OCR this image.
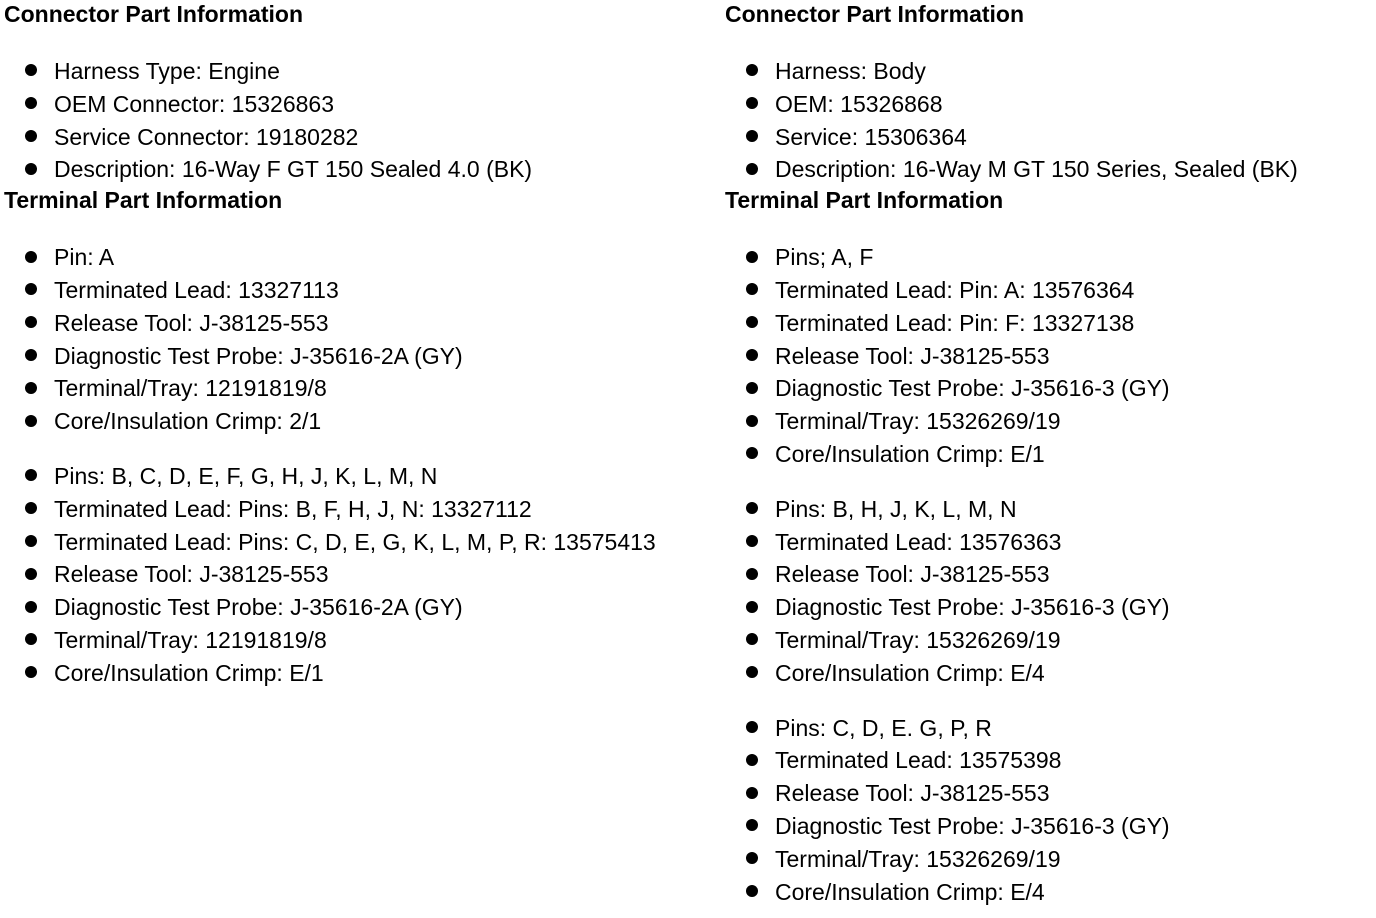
Connector Part Information
Harness Type: Engine
OEM Connector: 15326863
Service Connector: 19180282
Description: 16-Way F GT 150 Sealed 4.0 (BK)
Terminal Part Information
Pin: A
Terminated Lead: 13327113
Release Tool: J-38125-553
Diagnostic Test Probe: J-35616-2A (GY)
Terminal/Tray: 12191819/8
Core/Insulation Crimp: 2/1
Pins: B, C, D, E, F, G, H, J, K, L, M, N
Terminated Lead: Pins: B, F, H, J, N: 13327112
Terminated Lead: Pins: C, D, E, G, K, L, M, P, R: 13575413
Release Tool: J-38125-553
Diagnostic Test Probe: J-35616-2A (GY)
Terminal/Tray: 12191819/8
Core/Insulation Crimp: E/1
Connector Part Information
Harness: Body
OEM: 15326868
Service: 15306364
Description: 16-Way M GT 150 Series, Sealed (BK)
Terminal Part Information
Pins; A, F
Terminated Lead: Pin: A: 13576364
Terminated Lead: Pin: F: 13327138
Release Tool: J-38125-553
Diagnostic Test Probe: J-35616-3 (GY)
Terminal/Tray: 15326269/19
Core/Insulation Crimp: E/1
Pins: B, H, J, K, L, M, N
Terminated Lead: 13576363
Release Tool: J-38125-553
Diagnostic Test Probe: J-35616-3 (GY)
Terminal/Tray: 15326269/19
Core/Insulation Crimp: E/4
Pins: C, D, E. G, P, R
Terminated Lead: 13575398
Release Tool: J-38125-553
Diagnostic Test Probe: J-35616-3 (GY)
Terminal/Tray: 15326269/19
Core/Insulation Crimp: E/4
